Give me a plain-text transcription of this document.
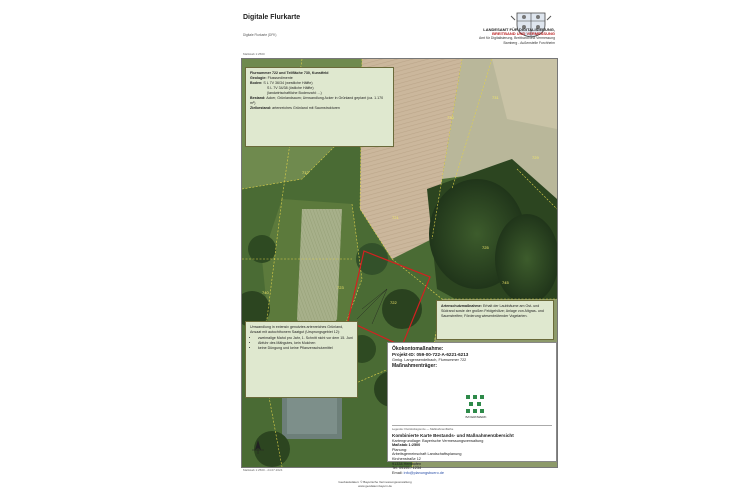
Digitale Flurkarte
Digitale Flurkarte (DFK)
LANDESAMT FÜR DIGITALISIERUNG,
BREITBAND UND VERMESSUNG
Amt für Digitalisierung, Breitband und Vermessung
Bamberg - Außenstelle Forchheim
Maßstab 1:2500
722
730
721
723
731
729
725
712
740
745
Flurnummer 722 und Teilfläche 730, Kunstfeld
Geologie: Flusssedimente
Boden: S L 7V 36/34 (westliche Hälfte)
S L 7V 34/38 (östliche Hälfte)
(landwirtschaftliche Bodenzahl: ...)
Bestand: Acker, Grünlandsaum; Umwandlung Acker in Grünland geplant (ca. 1.170 m²)
Zielbestand: artenreiches Grünland mit Saumstrukturen
Artenschutzmaßnahme: Erhalt der Laubbäume am Ost- und Südrand sowie der großen Feldgehölze; Anlage von Altgras- und Saumstreifen; Förderung wiesenbrütender Vogelarten.
Umwandlung in extensiv genutztes artenreiches Grünland, Ansaat mit autochthonem Saatgut (Ursprungsgebiet 12):
• zweimalige Mahd pro Jahr, 1. Schnitt nicht vor dem 15. Juni
• Abfuhr des Mähgutes, kein Mulchen
• keine Düngung und keine Pflanzenschutzmittel	Ökokontomaßnahme:
Projekt-ID: 059-00-722-A-6221-6213
Gmkg. Langensendelbach, Flurnummer 722
Maßnahmenträger:
BAYERNWERK
Legende: Flurstücksgrenze — Maßnahmenfläche
Kombinierte Karte Bestands- und Maßnahmenübersicht
Kartengrundlage: Bayerische Vermessungsverwaltung
Maßstab 1:2500
Planung:
Arbeitsgemeinschaft Landschaftsplanung
Kirchenstraße 12
91334 Hemhofen
Tel. 09195 / 1234
Email: info@planungsbuero.de
Maßstab 1:2500 - 24.07.2024
Geobasisdaten: © Bayerische Vermessungsverwaltung
www.geodaten.bayern.de
